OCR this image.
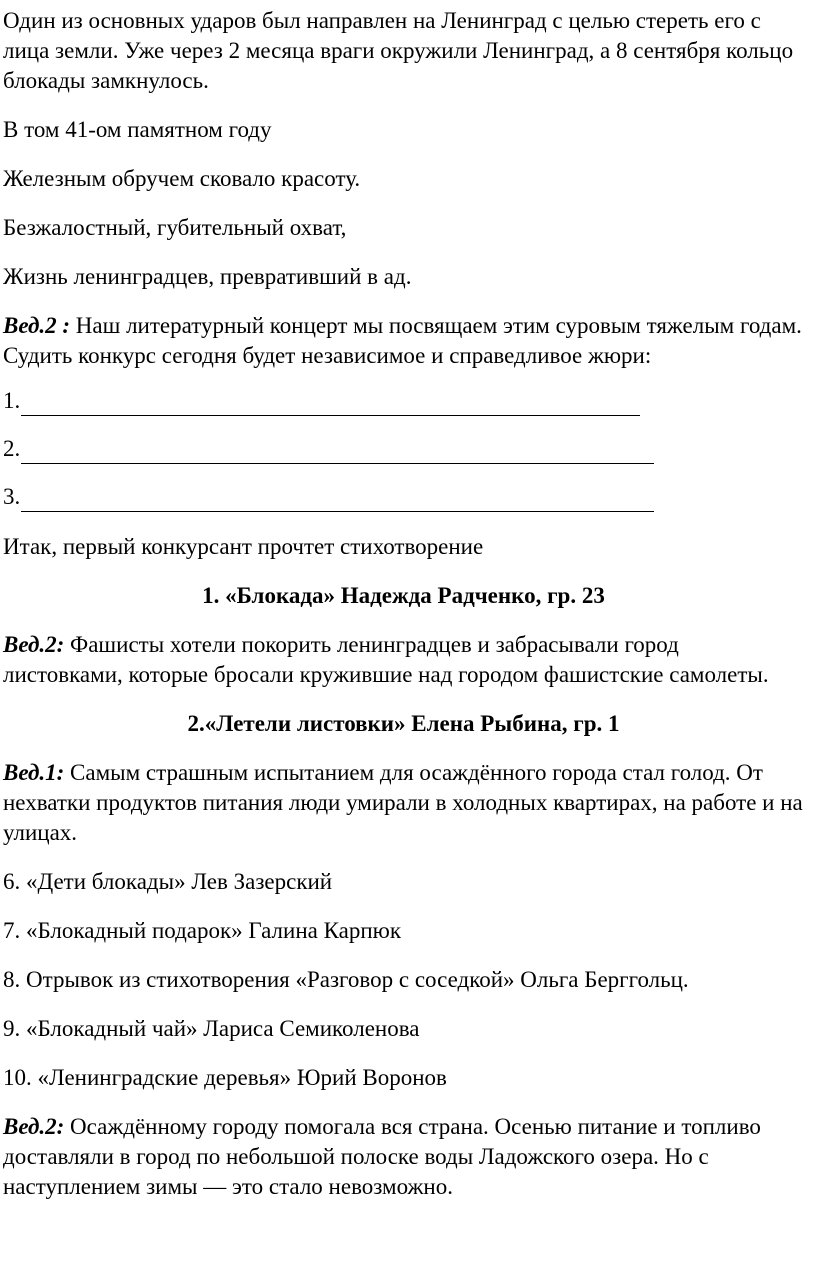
Один из основных ударов был направлен на Ленинград с целью стереть его с лица земли. Уже через 2 месяца враги окружили Ленинград, а 8 сентября кольцо блокады замкнулось.

В том 41-ом памятном году

Железным обручем сковало красоту.

Безжалостный, губительный охват,

Жизнь ленинградцев, превративший в ад.

Вед.2 : Наш литературный концерт мы посвящаем этим суровым тяжелым годам. Судить конкурс сегодня будет независимое и справедливое жюри:

1.
2.
3.

Итак, первый конкурсант прочтет стихотворение

1. «Блокада» Надежда Радченко, гр. 23

Вед.2: Фашисты хотели покорить ленинградцев и забрасывали город листовками, которые бросали кружившие над городом фашистские самолеты.

2.«Летели листовки» Елена Рыбина, гр. 1

Вед.1: Самым страшным испытанием для осаждённого города стал голод. От нехватки продуктов питания люди умирали в холодных квартирах, на работе и на улицах.

6. «Дети блокады» Лев Зазерский

7. «Блокадный подарок» Галина Карпюк

8. Отрывок из стихотворения «Разговор с соседкой» Ольга Берггольц.

9. «Блокадный чай» Лариса Семиколенова

10. «Ленинградские деревья» Юрий Воронов

Вед.2: Осаждённому городу помогала вся страна. Осенью питание и топливо доставляли в город по небольшой полоске воды Ладожского озера. Но с наступлением зимы — это стало невозможно.
